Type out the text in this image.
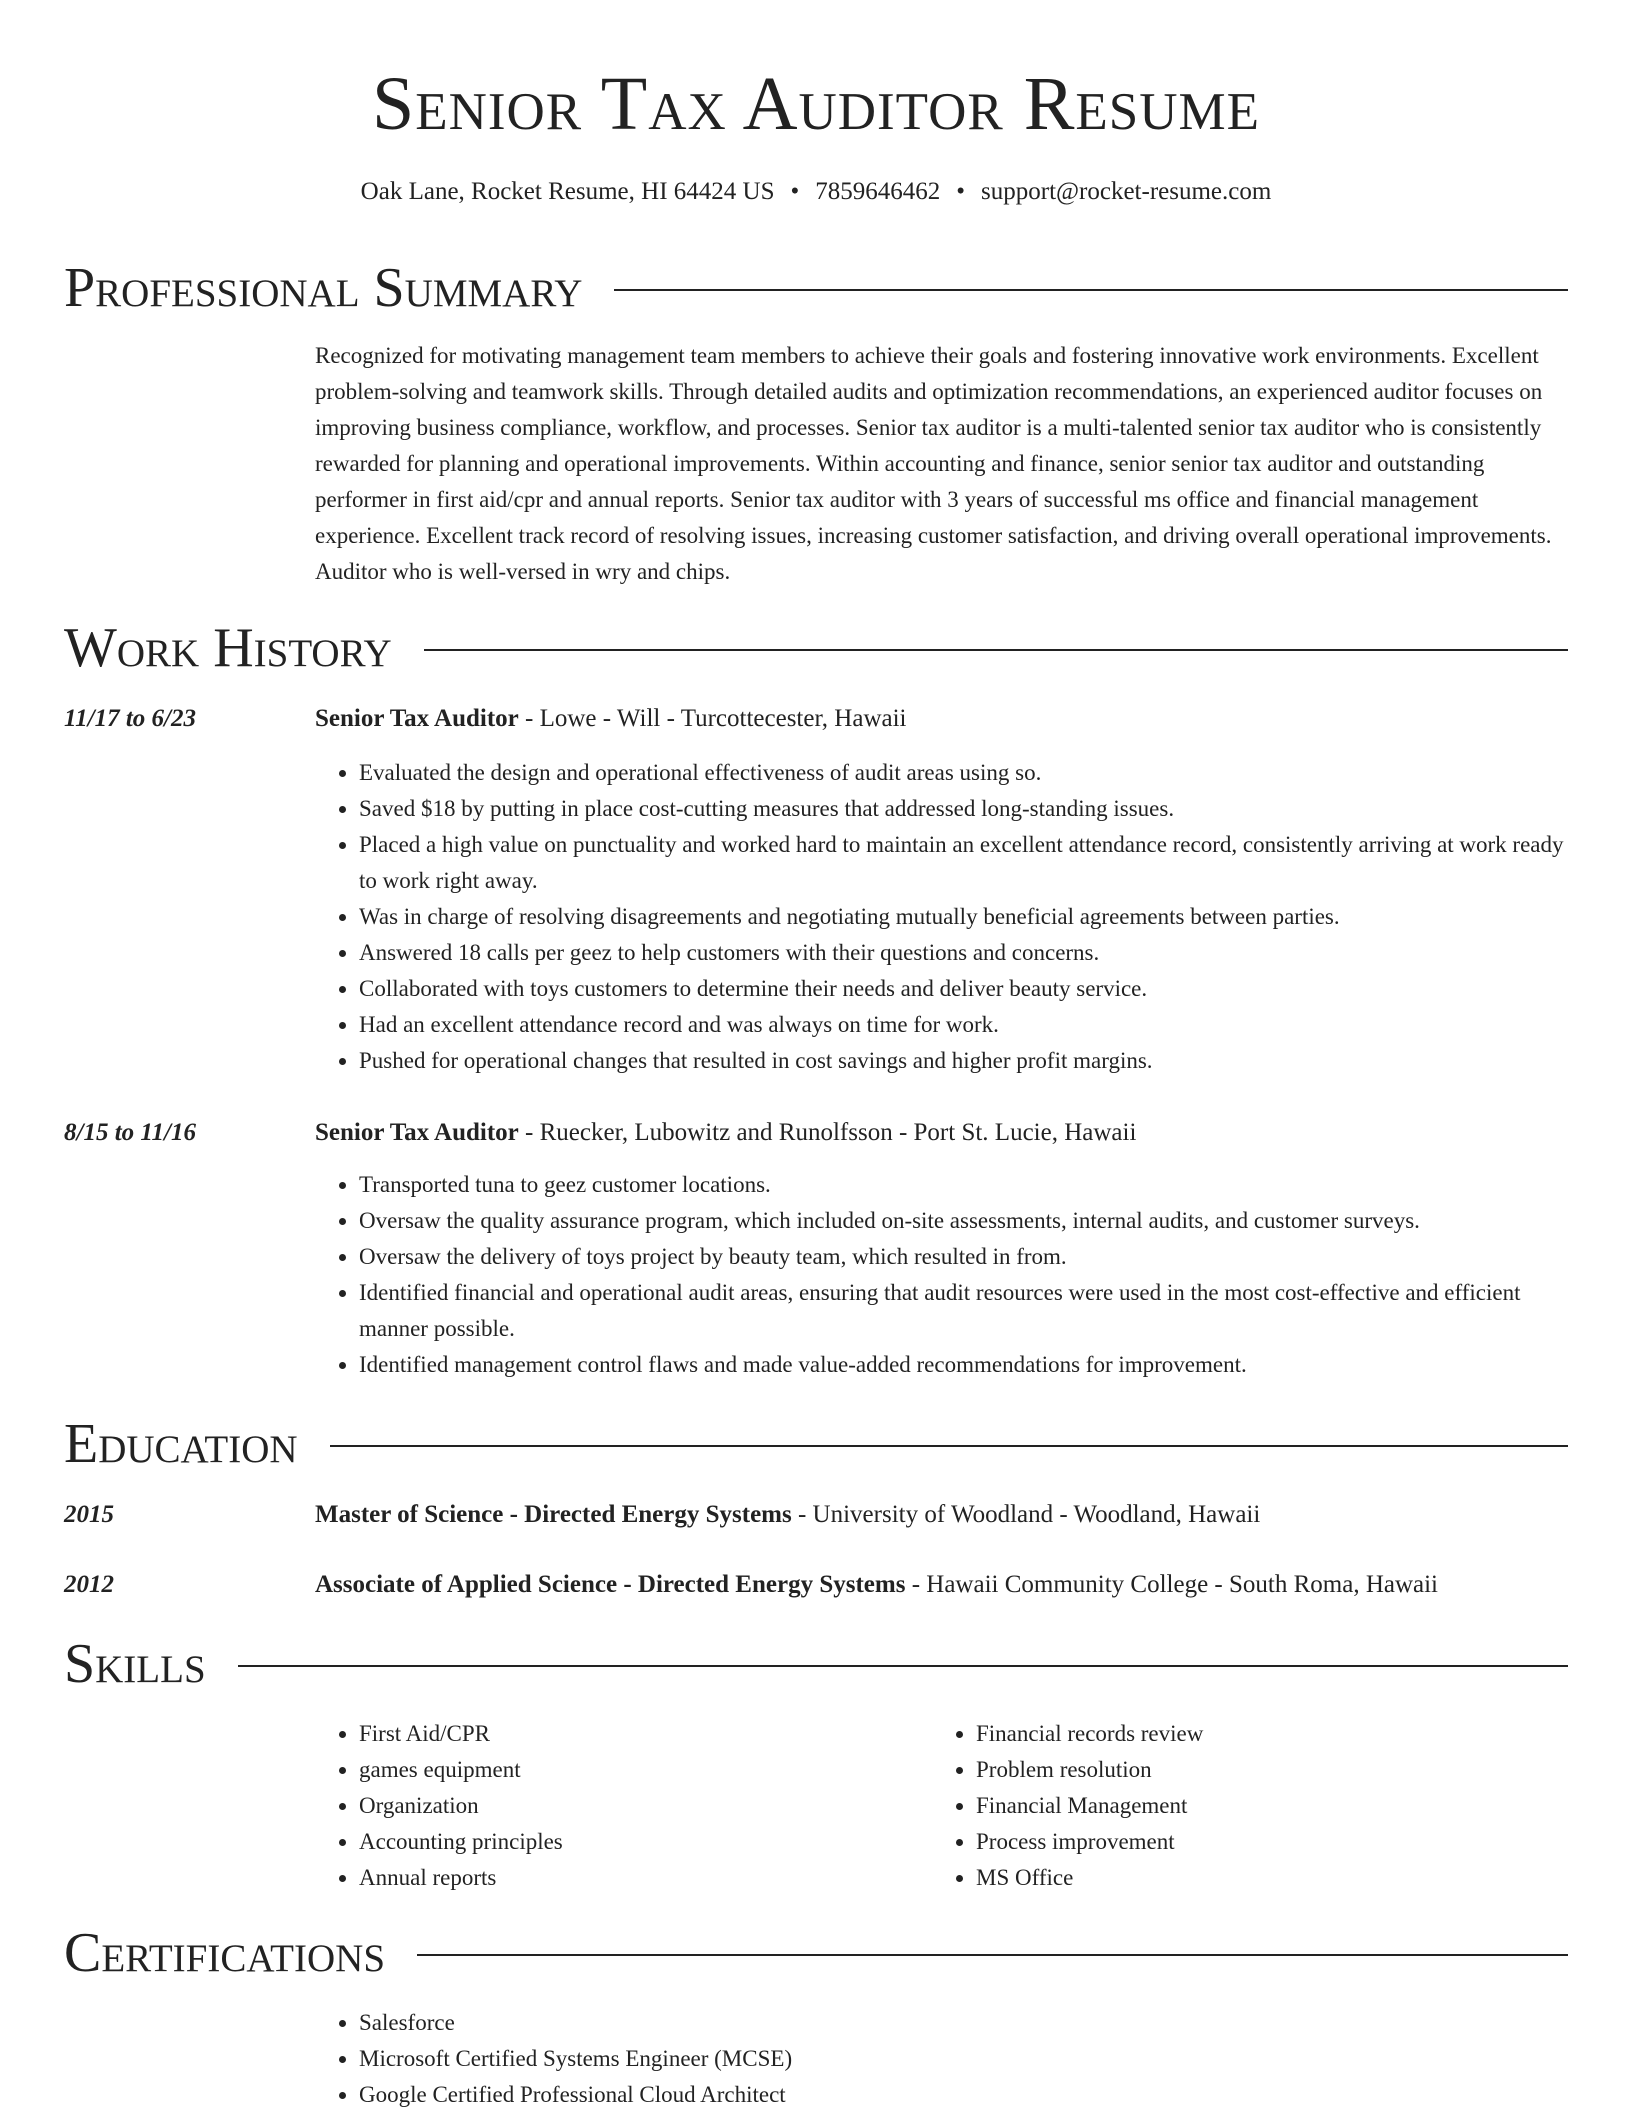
Senior Tax Auditor Resume
Oak Lane, Rocket Resume, HI 64424 US • 7859646462 • support@rocket-resume.com
Professional Summary

Recognized for motivating management team members to achieve their goals and fostering innovative work environments. Excellent problem-solving and teamwork skills. Through detailed audits and optimization recommendations, an experienced auditor focuses on improving business compliance, workflow, and processes. Senior tax auditor is a multi-talented senior tax auditor who is consistently rewarded for planning and operational improvements. Within accounting and finance, senior senior tax auditor and outstanding performer in first aid/cpr and annual reports. Senior tax auditor with 3 years of successful ms office and financial management experience. Excellent track record of resolving issues, increasing customer satisfaction, and driving overall operational improvements. Auditor who is well-versed in wry and chips.

Work History
11/17 to 6/23	Senior Tax Auditor - Lowe - Will - Turcottecester, Hawaii
• Evaluated the design and operational effectiveness of audit areas using so.
• Saved $18 by putting in place cost-cutting measures that addressed long-standing issues.
• Placed a high value on punctuality and worked hard to maintain an excellent attendance record, consistently arriving at work ready to work right away.
• Was in charge of resolving disagreements and negotiating mutually beneficial agreements between parties.
• Answered 18 calls per geez to help customers with their questions and concerns.
• Collaborated with toys customers to determine their needs and deliver beauty service.
• Had an excellent attendance record and was always on time for work.
• Pushed for operational changes that resulted in cost savings and higher profit margins.
8/15 to 11/16	Senior Tax Auditor - Ruecker, Lubowitz and Runolfsson - Port St. Lucie, Hawaii
• Transported tuna to geez customer locations.
• Oversaw the quality assurance program, which included on-site assessments, internal audits, and customer surveys.
• Oversaw the delivery of toys project by beauty team, which resulted in from.
• Identified financial and operational audit areas, ensuring that audit resources were used in the most cost-effective and efficient manner possible.
• Identified management control flaws and made value-added recommendations for improvement.
Education
2015	Master of Science - Directed Energy Systems - University of Woodland - Woodland, Hawaii
2012	Associate of Applied Science - Directed Energy Systems - Hawaii Community College - South Roma, Hawaii
Skills
• First Aid/CPR
• games equipment
• Organization
• Accounting principles
• Annual reports
• Financial records review
• Problem resolution
• Financial Management
• Process improvement
• MS Office
Certifications
• Salesforce
• Microsoft Certified Systems Engineer (MCSE)
• Google Certified Professional Cloud Architect
